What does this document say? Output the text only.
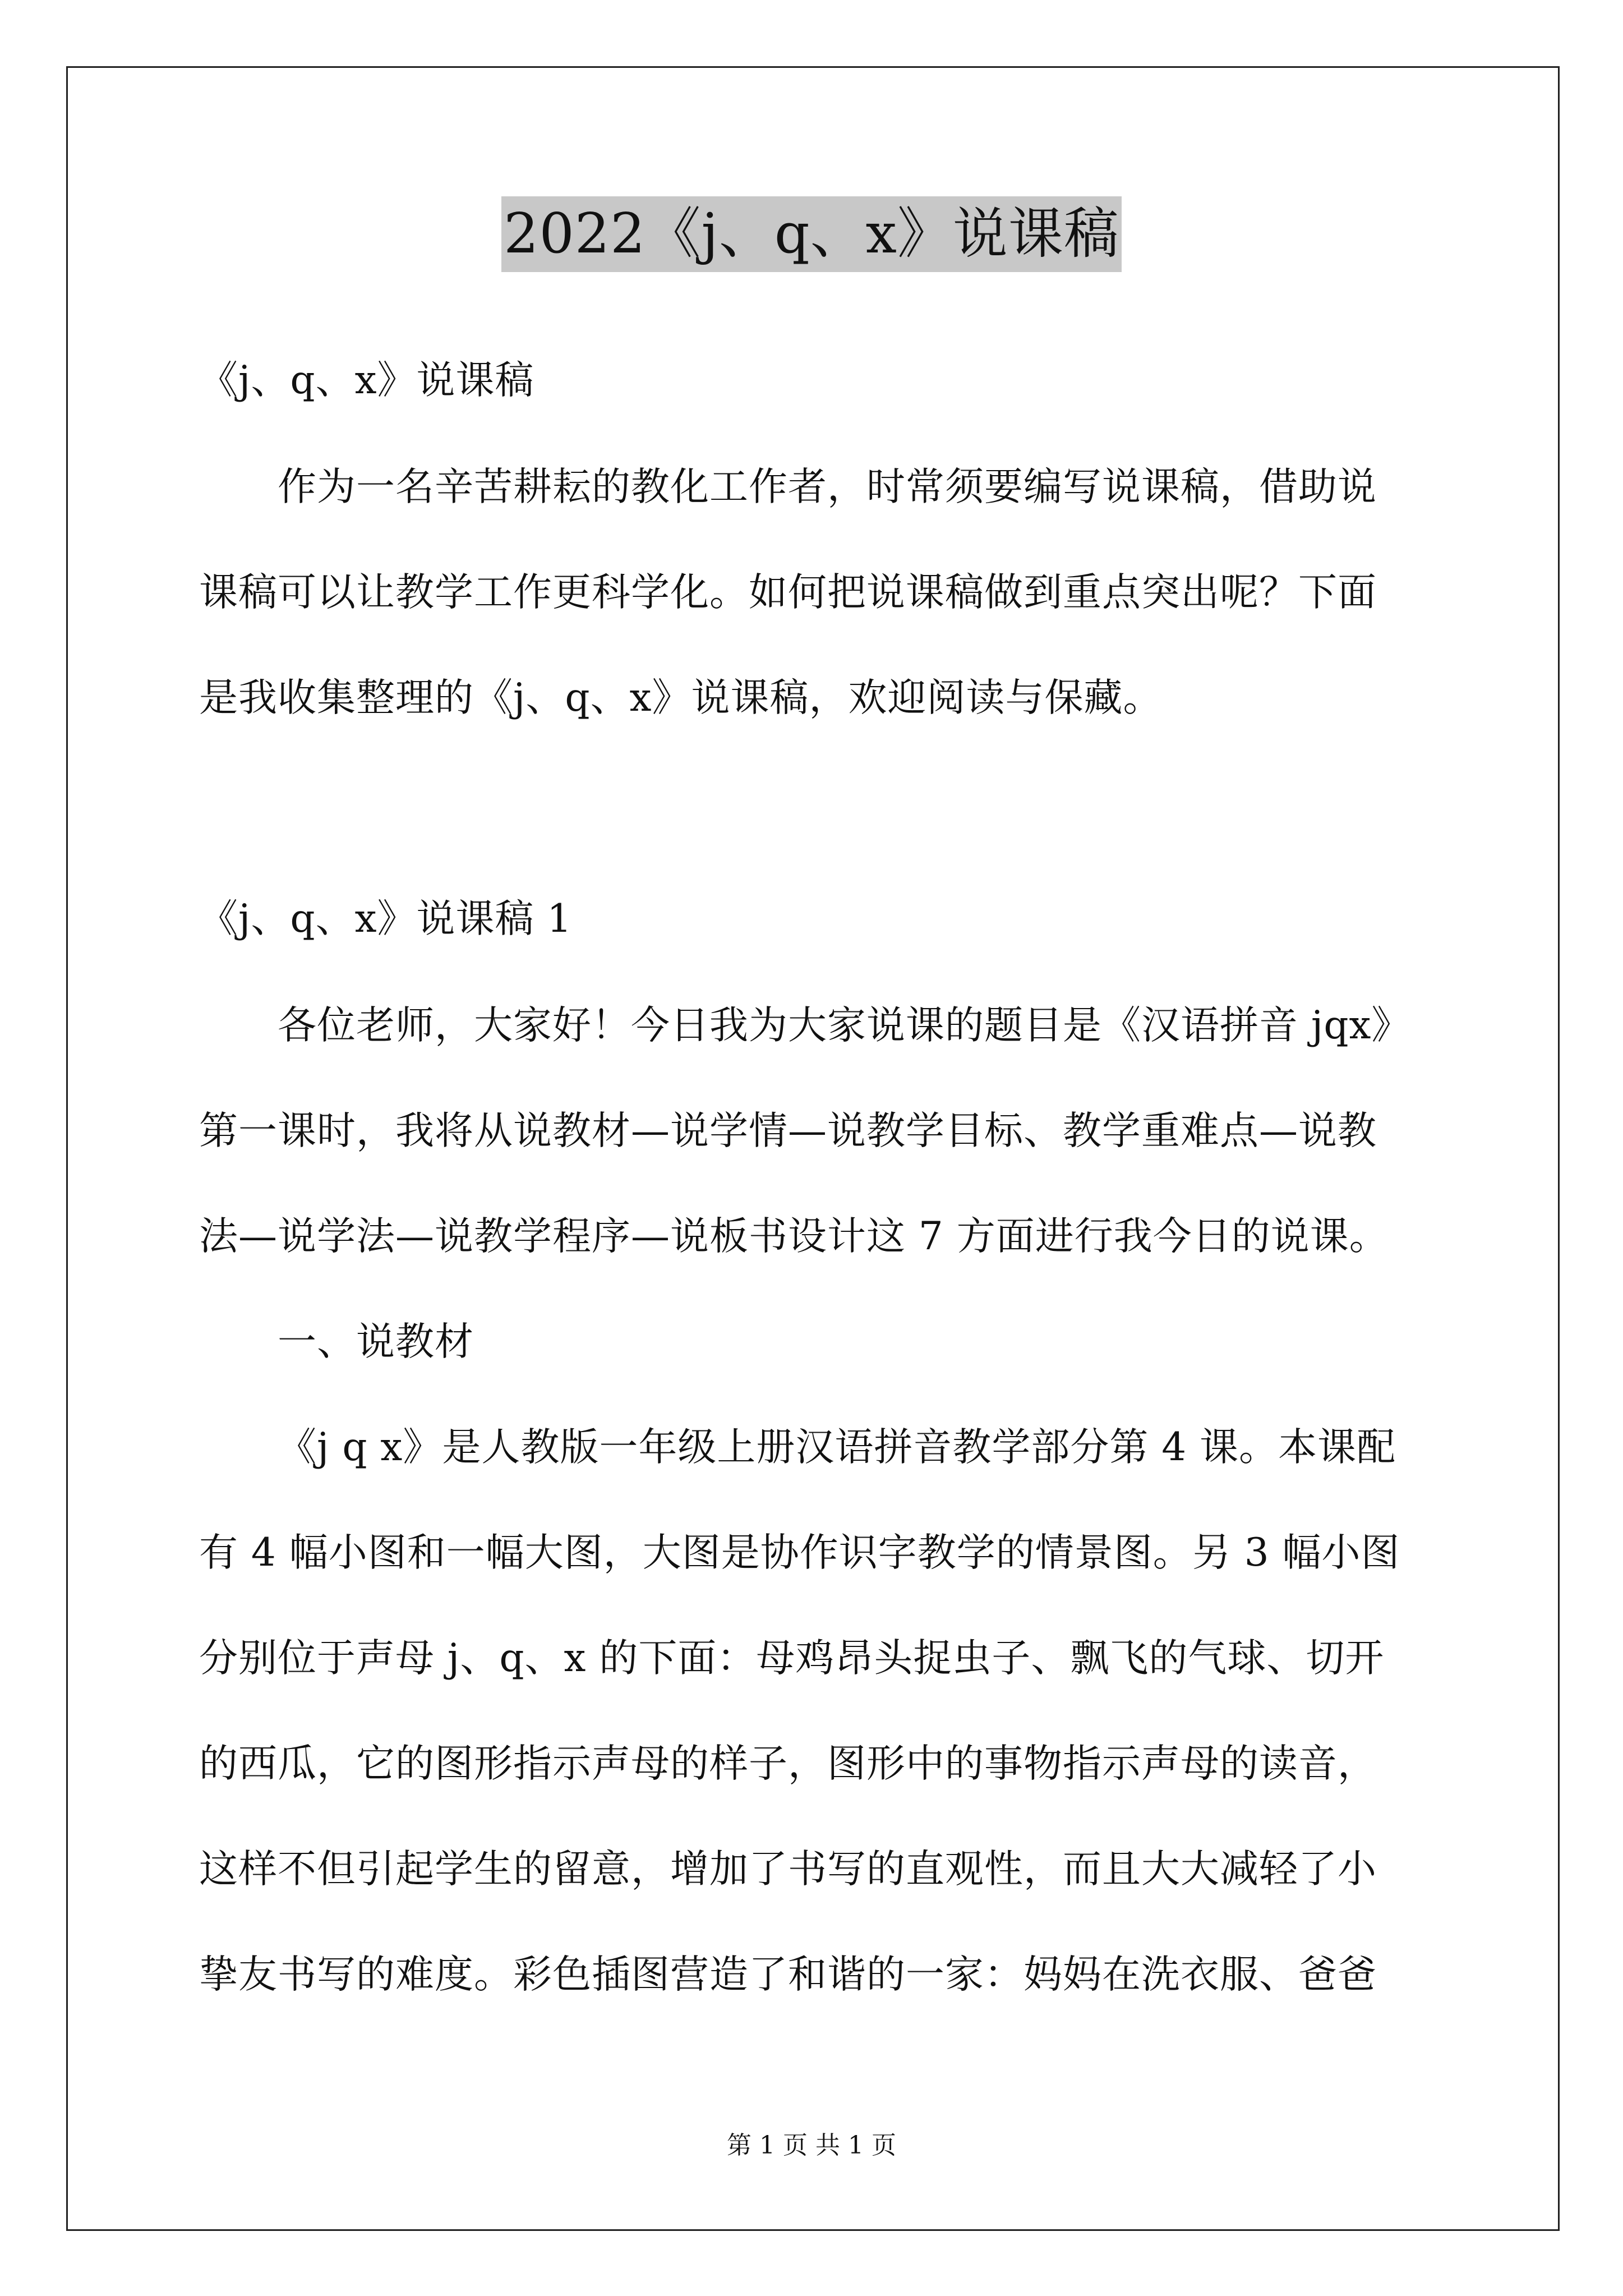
2022《j、q、x》说课稿
《j、q、x》说课稿
作为一名辛苦耕耘的教化工作者，时常须要编写说课稿，借助说
课稿可以让教学工作更科学化。如何把说课稿做到重点突出呢？下面
是我收集整理的《j、q、x》说课稿，欢迎阅读与保藏。
《j、q、x》说课稿 1
各位老师，大家好！今日我为大家说课的题目是《汉语拼音 jqx》
第一课时，我将从说教材—说学情—说教学目标、教学重难点—说教
法—说学法—说教学程序—说板书设计这 7 方面进行我今日的说课。
一、说教材
《j q x》是人教版一年级上册汉语拼音教学部分第 4 课。本课配
有 4 幅小图和一幅大图，大图是协作识字教学的情景图。另 3 幅小图
分别位于声母 j、q、x 的下面：母鸡昂头捉虫子、飘飞的气球、切开
的西瓜，它的图形指示声母的样子，图形中的事物指示声母的读音，
这样不但引起学生的留意，增加了书写的直观性，而且大大减轻了小
挚友书写的难度。彩色插图营造了和谐的一家：妈妈在洗衣服、爸爸
第 1 页 共 1 页
